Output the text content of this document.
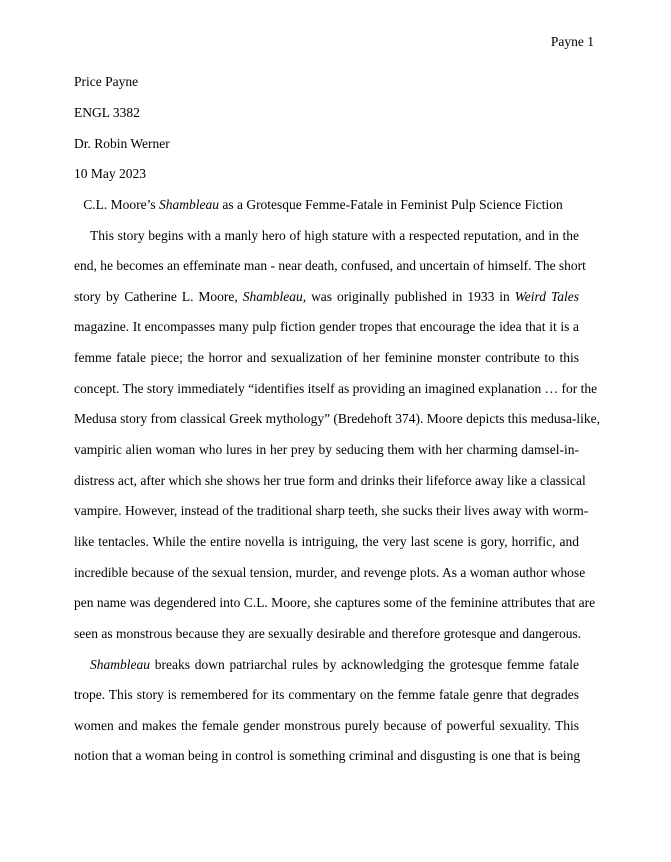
Payne 1
Price Payne
ENGL 3382
Dr. Robin Werner
10 May 2023
C.L. Moore’s Shambleau as a Grotesque Femme-Fatale in Feminist Pulp Science Fiction
This story begins with a manly hero of high stature with a respected reputation, and in the
end, he becomes an effeminate man - near death, confused, and uncertain of himself. The short
story by Catherine L. Moore, Shambleau, was originally published in 1933 in Weird Tales
magazine. It encompasses many pulp fiction gender tropes that encourage the idea that it is a
femme fatale piece; the horror and sexualization of her feminine monster contribute to this
concept. The story immediately “identifies itself as providing an imagined explanation … for the
Medusa story from classical Greek mythology” (Bredehoft 374). Moore depicts this medusa-like,
vampiric alien woman who lures in her prey by seducing them with her charming damsel-in-
distress act, after which she shows her true form and drinks their lifeforce away like a classical
vampire. However, instead of the traditional sharp teeth, she sucks their lives away with worm-
like tentacles. While the entire novella is intriguing, the very last scene is gory, horrific, and
incredible because of the sexual tension, murder, and revenge plots. As a woman author whose
pen name was degendered into C.L. Moore, she captures some of the feminine attributes that are
seen as monstrous because they are sexually desirable and therefore grotesque and dangerous.
Shambleau breaks down patriarchal rules by acknowledging the grotesque femme fatale
trope. This story is remembered for its commentary on the femme fatale genre that degrades
women and makes the female gender monstrous purely because of powerful sexuality. This
notion that a woman being in control is something criminal and disgusting is one that is being
